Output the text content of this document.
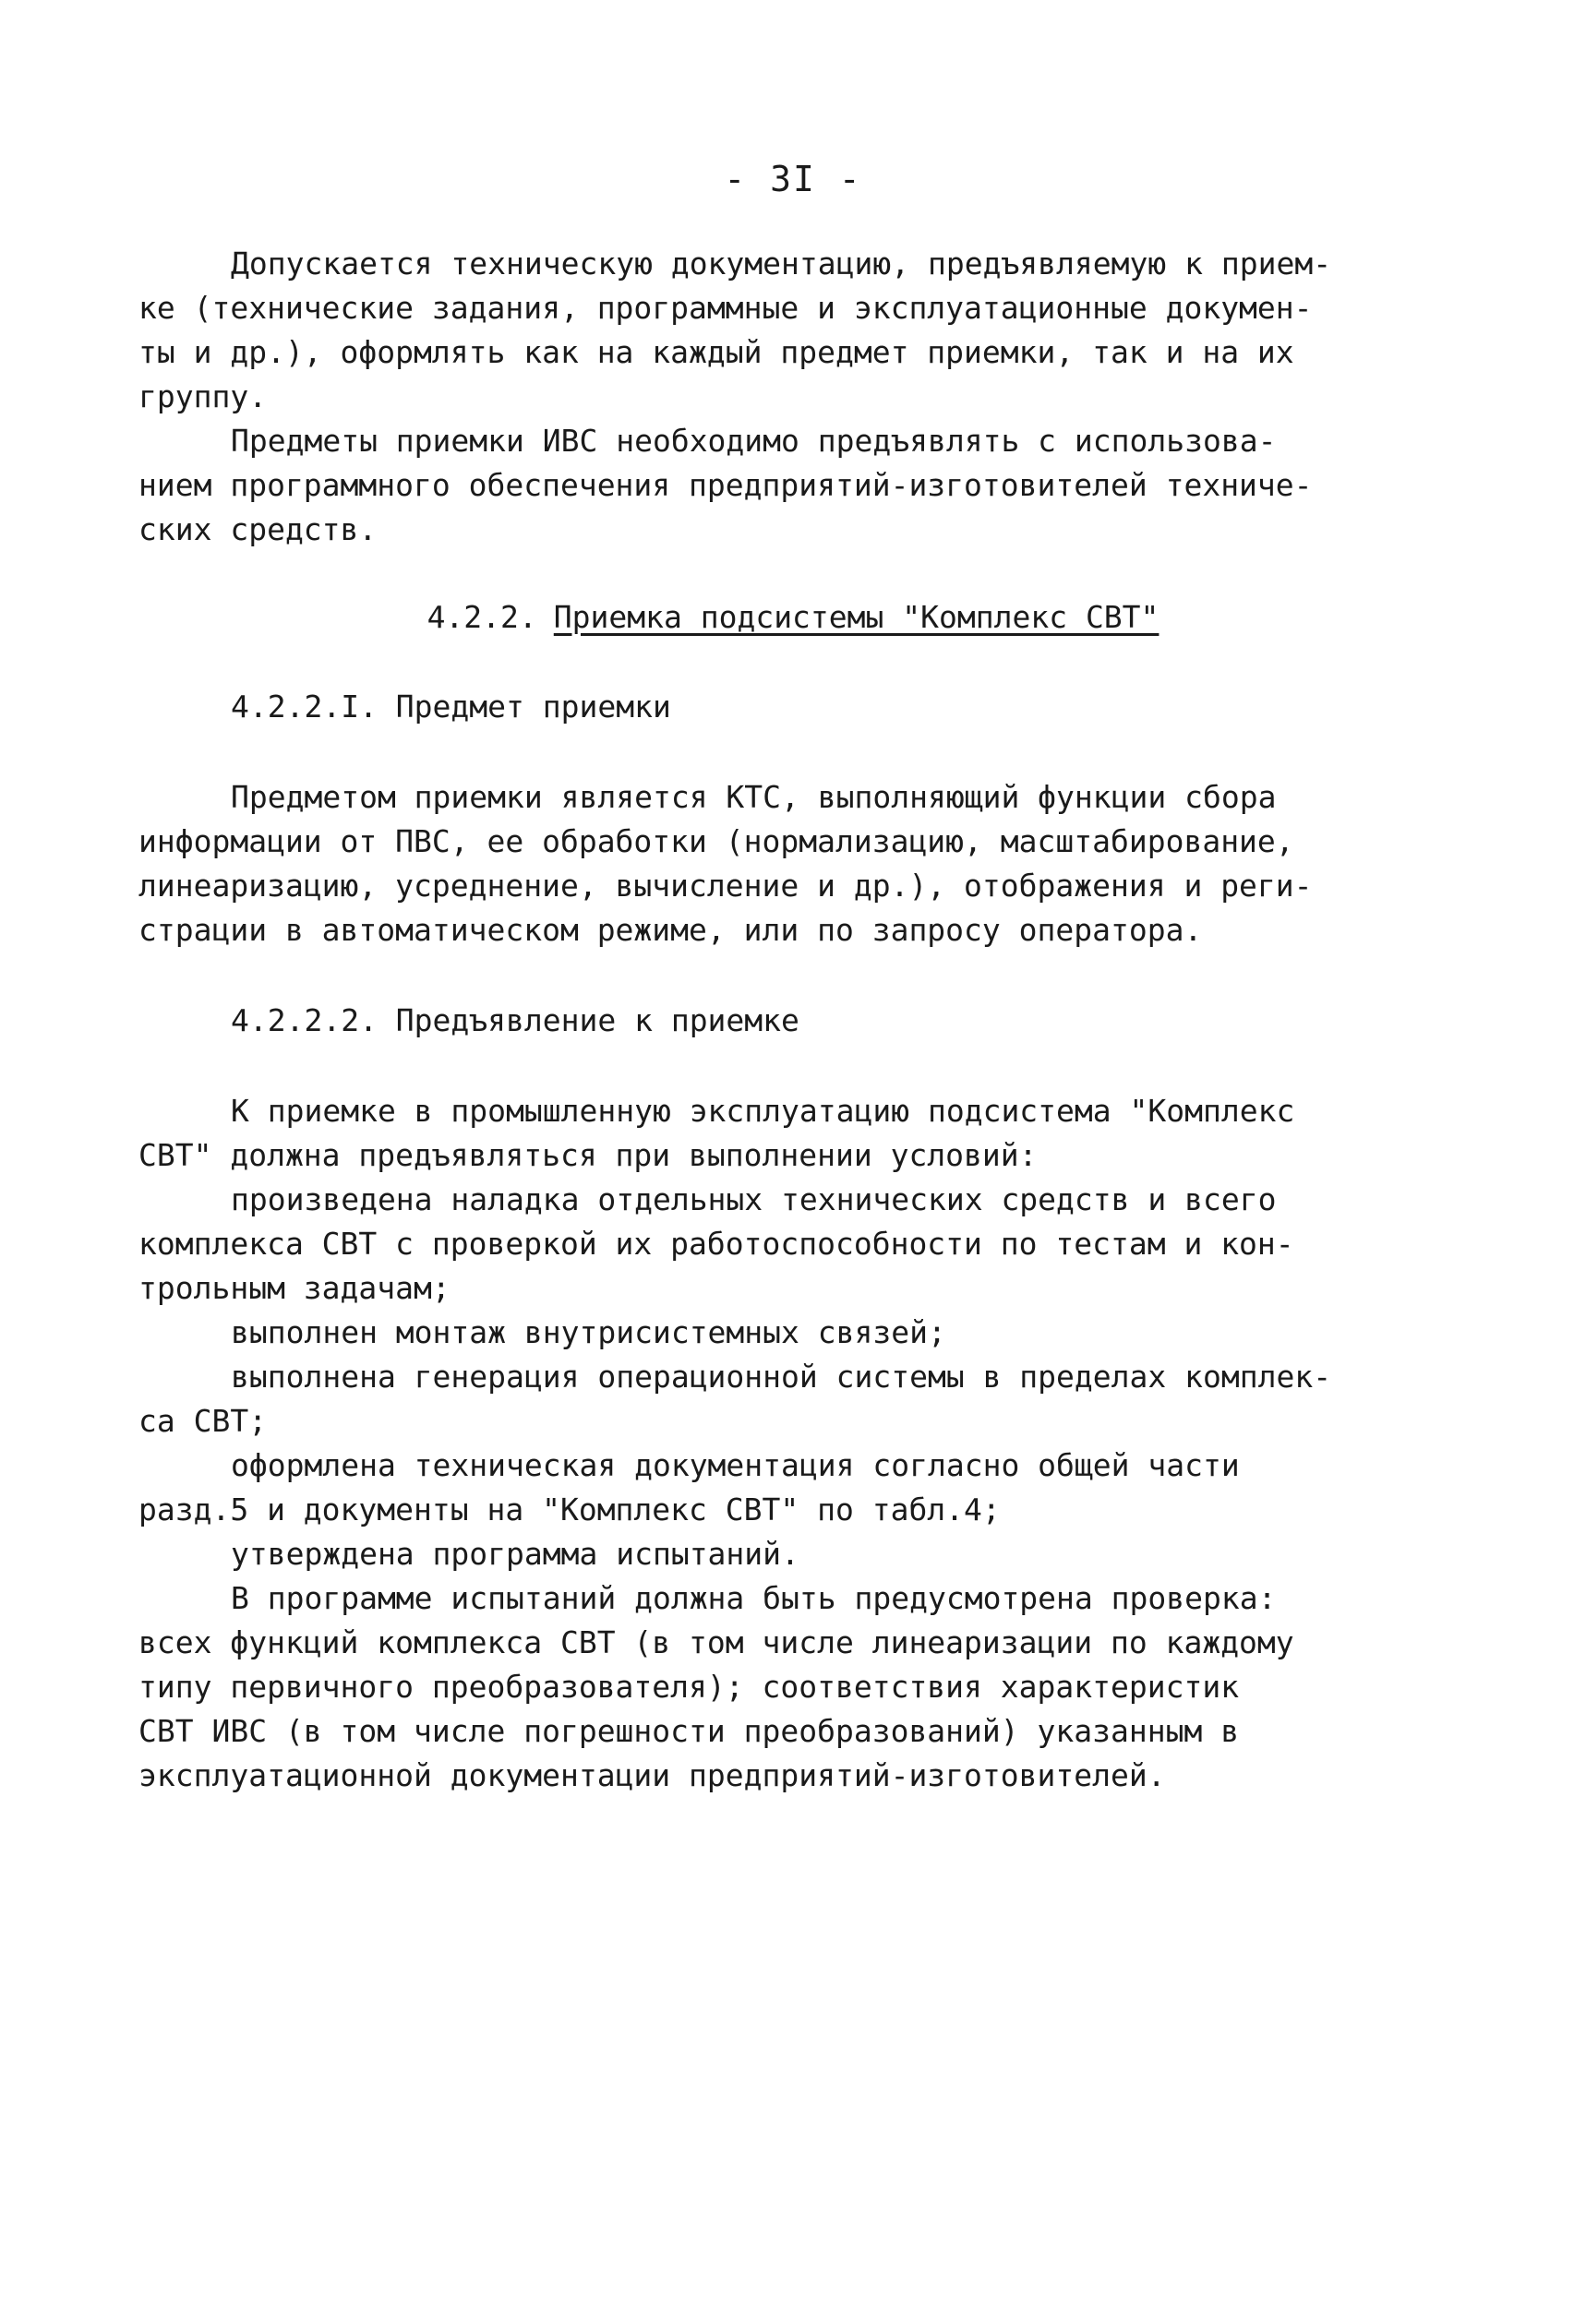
- 3I -
Допускается техническую документацию, предъявляемую к прием-
ке (технические задания, программные и эксплуатационные докумен-
ты и др.), оформлять как на каждый предмет приемки, так и на их
группу.
Предметы приемки ИВС необходимо предъявлять с использова-
нием программного обеспечения предприятий-изготовителей техниче-
ских средств.
4.2.2. Приемка подсистемы "Комплекс СВТ"
4.2.2.I. Предмет приемки
Предметом приемки является КТС, выполняющий функции сбора
информации от ПВС, ее обработки (нормализацию, масштабирование,
линеаризацию, усреднение, вычисление и др.), отображения и реги-
страции в автоматическом режиме, или по запросу оператора.
4.2.2.2. Предъявление к приемке
К приемке в промышленную эксплуатацию подсистема "Комплекс
СВТ" должна предъявляться при выполнении условий:
произведена наладка отдельных технических средств и всего
комплекса СВТ с проверкой их работоспособности по тестам и кон-
трольным задачам;
выполнен монтаж внутрисистемных связей;
выполнена генерация операционной системы в пределах комплек-
са СВТ;
оформлена техническая документация согласно общей части
разд.5 и документы на "Комплекс СВТ" по табл.4;
утверждена программа испытаний.
В программе испытаний должна быть предусмотрена проверка:
всех функций комплекса СВТ (в том числе линеаризации по каждому
типу первичного преобразователя); соответствия характеристик
СВТ ИВС (в том числе погрешности преобразований) указанным в
эксплуатационной документации предприятий-изготовителей.
